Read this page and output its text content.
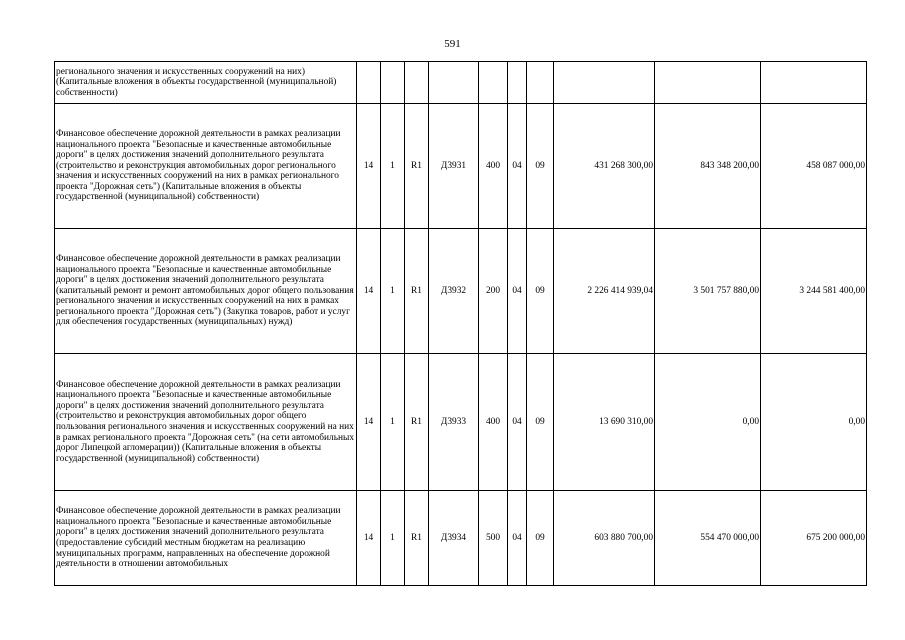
591
регионального значения и искусственных сооружений на них) (Капитальные вложения в объекты государственной (муниципальной) собственности)										
Финансовое обеспечение дорожной деятельности в рамках реализации национального проекта "Безопасные и качественные автомобильные дороги" в целях достижения значений дополнительного результата (строительство и реконструкция автомобильных дорог регионального значения и искусственных сооружений на них в рамках регионального проекта "Дорожная сеть") (Капитальные вложения в объекты государственной (муниципальной) собственности)	14	1	R1	Д3931	400	04	09	431 268 300,00	843 348 200,00	458 087 000,00
Финансовое обеспечение дорожной деятельности в рамках реализации национального проекта "Безопасные и качественные автомобильные дороги" в целях достижения значений дополнительного результата (капитальный ремонт и ремонт автомобильных дорог общего пользования регионального значения и искусственных сооружений на них в рамках регионального проекта "Дорожная сеть") (Закупка товаров, работ и услуг для обеспечения государственных (муниципальных) нужд)	14	1	R1	Д3932	200	04	09	2 226 414 939,04	3 501 757 880,00	3 244 581 400,00
Финансовое обеспечение дорожной деятельности в рамках реализации национального проекта "Безопасные и качественные автомобильные дороги" в целях достижения значений дополнительного результата (строительство и реконструкция автомобильных дорог общего пользования регионального значения и искусственных сооружений на них в рамках регионального проекта "Дорожная сеть" (на сети автомобильных дорог Липецкой агломерации)) (Капитальные вложения в объекты государственной (муниципальной) собственности)	14	1	R1	Д3933	400	04	09	13 690 310,00	0,00	0,00
Финансовое обеспечение дорожной деятельности в рамках реализации национального проекта "Безопасные и качественные автомобильные дороги" в целях достижения значений дополнительного результата (предоставление субсидий местным бюджетам на реализацию муниципальных программ, направленных на обеспечение дорожной деятельности в отношении автомобильных	14	1	R1	Д3934	500	04	09	603 880 700,00	554 470 000,00	675 200 000,00
